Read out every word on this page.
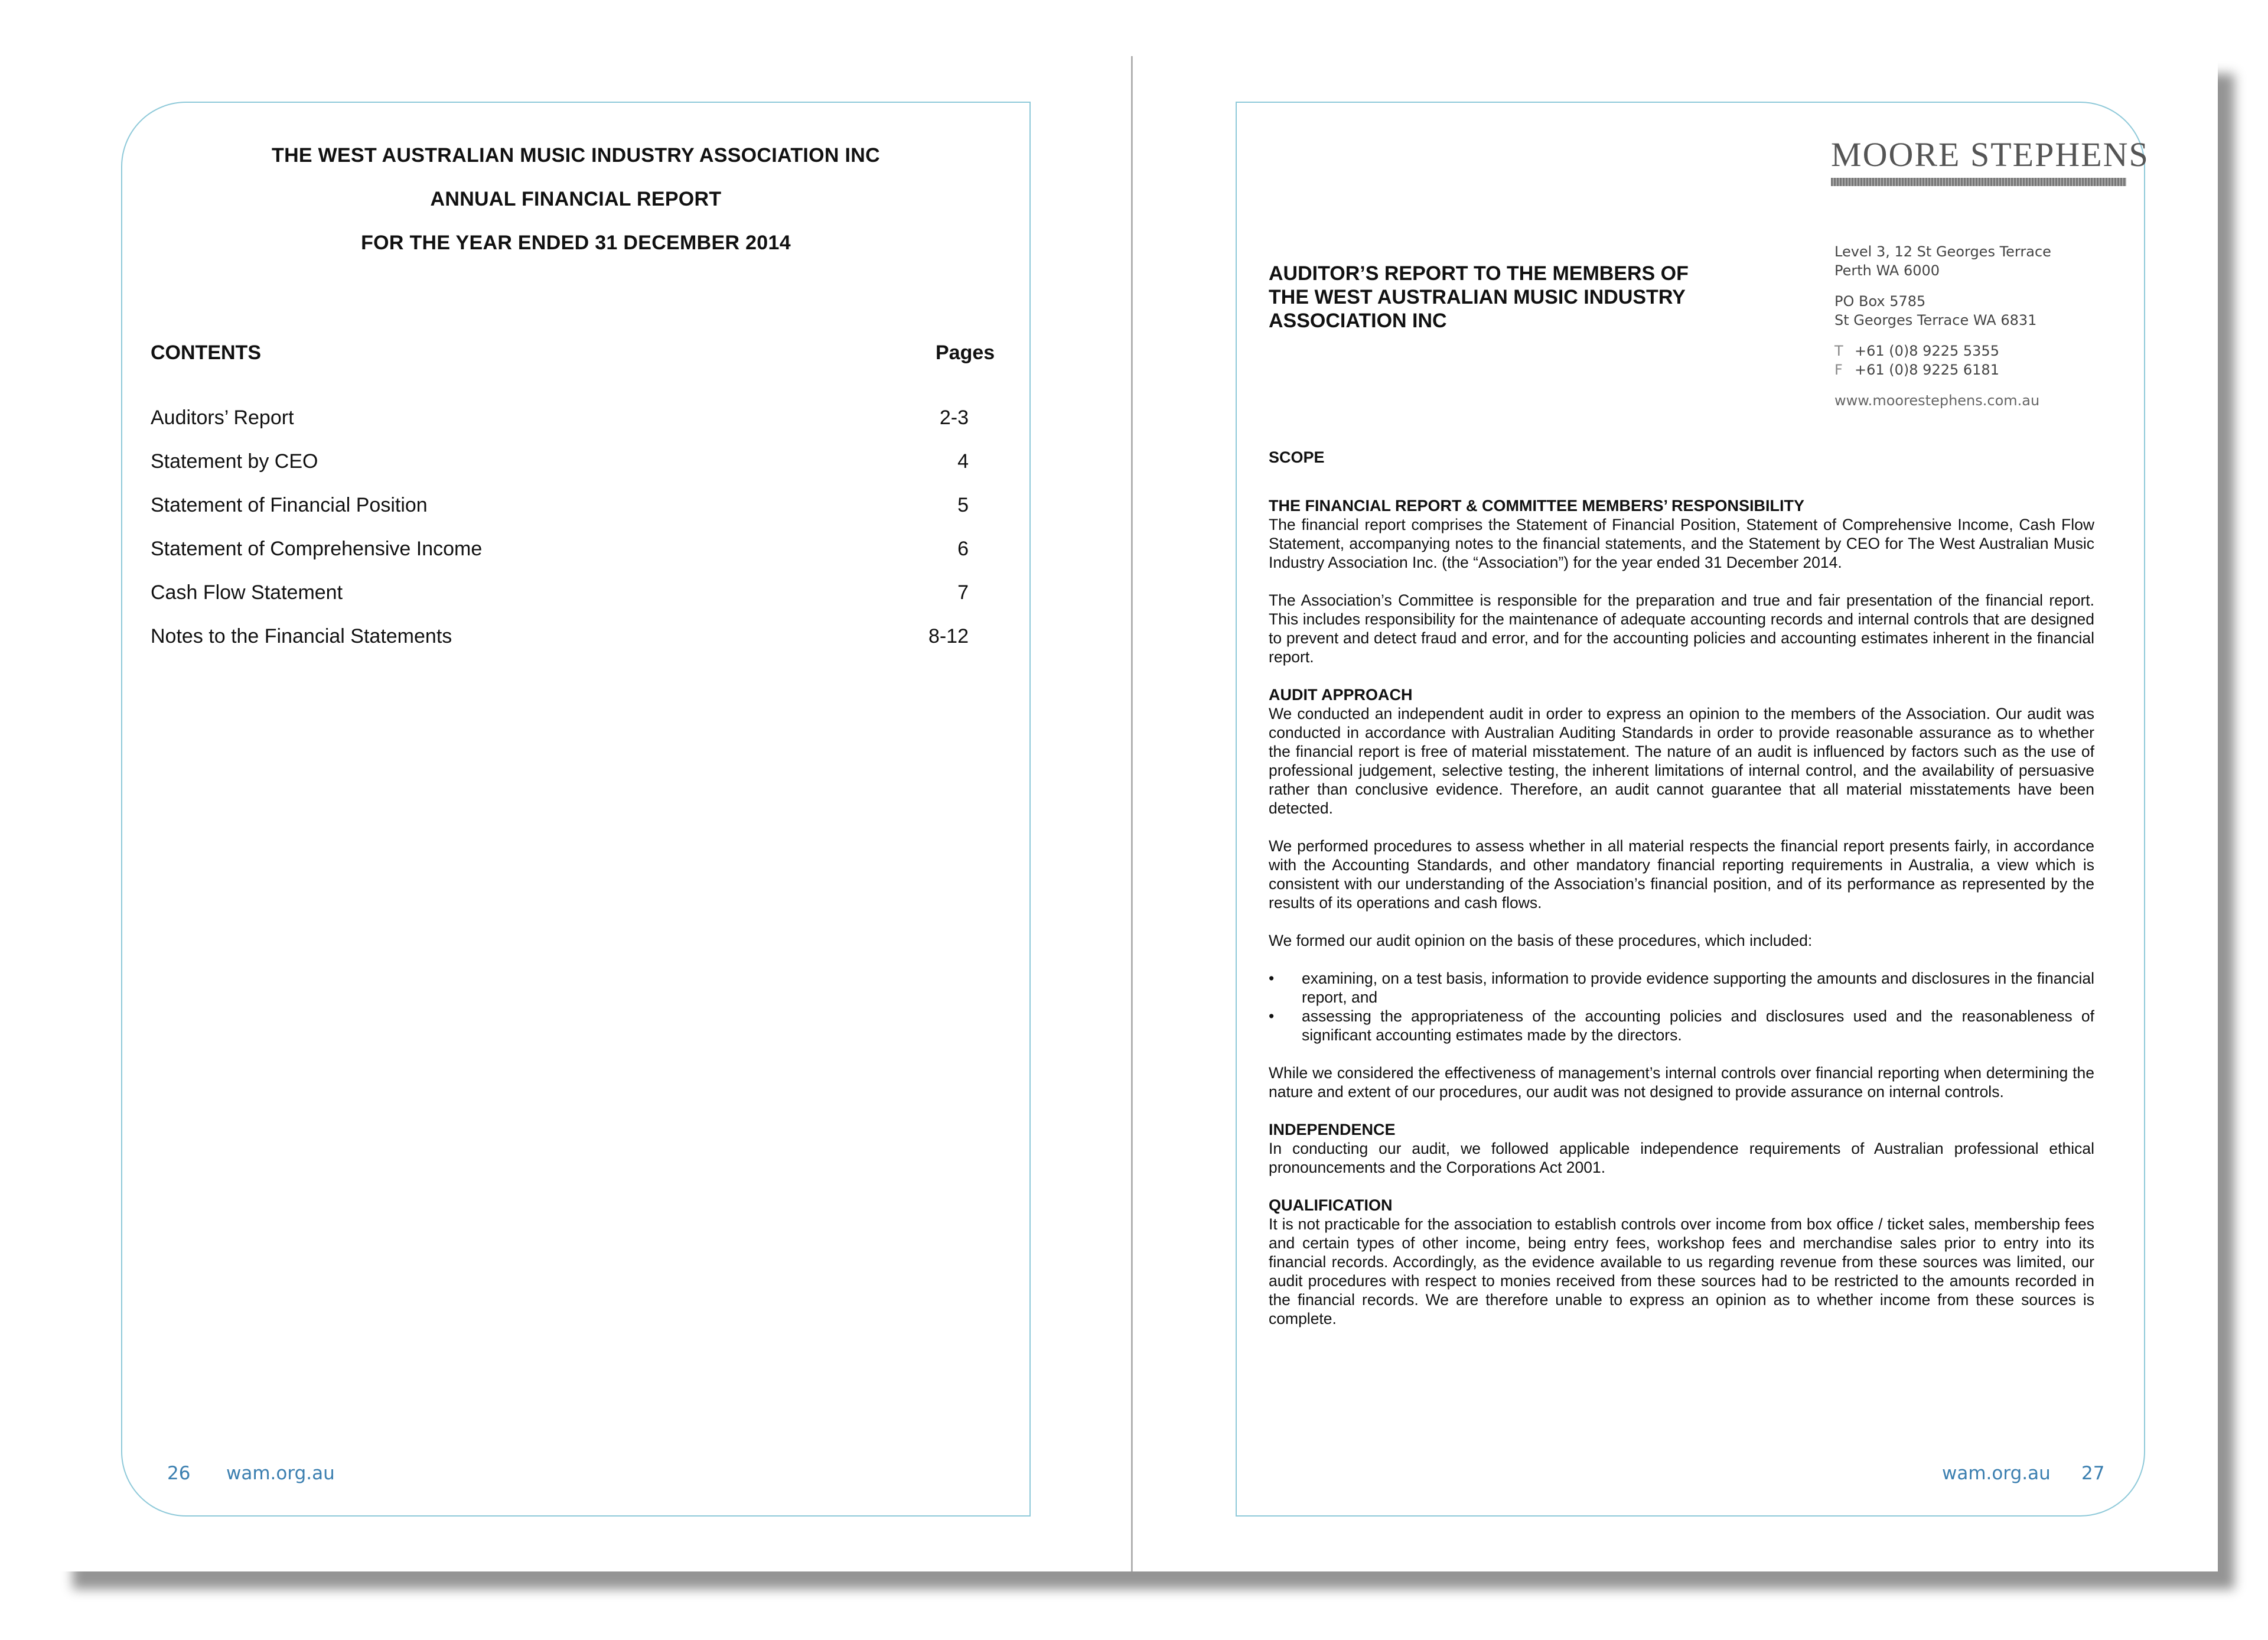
THE WEST AUSTRALIAN MUSIC INDUSTRY ASSOCIATION INC

ANNUAL FINANCIAL REPORT

FOR THE YEAR ENDED 31 DECEMBER 2014

CONTENTS	Pages
Auditors’ Report	2-3
Statement by CEO	4
Statement of Financial Position	5
Statement of Comprehensive Income	6
Cash Flow Statement	7
Notes to the Financial Statements	8-12
26 wam.org.au
MOORE STEPHENS

Level 3, 12 St Georges Terrace

Perth WA 6000

PO Box 5785

St Georges Terrace WA 6831

T +61 (0)8 9225 5355

F +61 (0)8 9225 6181

www.moorestephens.com.au

AUDITOR’S REPORT TO THE MEMBERS OF
THE WEST AUSTRALIAN MUSIC INDUSTRY
ASSOCIATION INC
SCOPE
THE FINANCIAL REPORT & COMMITTEE MEMBERS’ RESPONSIBILITY

The financial report comprises the Statement of Financial Position, Statement of Comprehensive Income, Cash Flow Statement, accompanying notes to the financial statements, and the Statement by CEO for The West Australian Music Industry Association Inc. (the “Association”) for the year ended 31 December 2014.

The Association’s Committee is responsible for the preparation and true and fair presentation of the financial report. This includes responsibility for the maintenance of adequate accounting records and internal controls that are designed to prevent and detect fraud and error, and for the accounting policies and accounting estimates inherent in the financial report.

AUDIT APPROACH

We conducted an independent audit in order to express an opinion to the members of the Association. Our audit was conducted in accordance with Australian Auditing Standards in order to provide reasonable assurance as to whether the financial report is free of material misstatement. The nature of an audit is influenced by factors such as the use of professional judgement, selective testing, the inherent limitations of internal control, and the availability of persuasive rather than conclusive evidence. Therefore, an audit cannot guarantee that all material misstatements have been detected.

We performed procedures to assess whether in all material respects the financial report presents fairly, in accordance with the Accounting Standards, and other mandatory financial reporting requirements in Australia, a view which is consistent with our understanding of the Association’s financial position, and of its performance as represented by the results of its operations and cash flows.

We formed our audit opinion on the basis of these procedures, which included:

• examining, on a test basis, information to provide evidence supporting the amounts and disclosures in the financial report, and
• assessing the appropriateness of the accounting policies and disclosures used and the reasonableness of significant accounting estimates made by the directors.

While we considered the effectiveness of management’s internal controls over financial reporting when determining the nature and extent of our procedures, our audit was not designed to provide assurance on internal controls.

INDEPENDENCE

In conducting our audit, we followed applicable independence requirements of Australian professional ethical pronouncements and the Corporations Act 2001.

QUALIFICATION

It is not practicable for the association to establish controls over income from box office / ticket sales, membership fees and certain types of other income, being entry fees, workshop fees and merchandise sales prior to entry into its financial records. Accordingly, as the evidence available to us regarding revenue from these sources was limited, our audit procedures with respect to monies received from these sources had to be restricted to the amounts recorded in the financial records. We are therefore unable to express an opinion as to whether income from these sources is complete.

wam.org.au 27
